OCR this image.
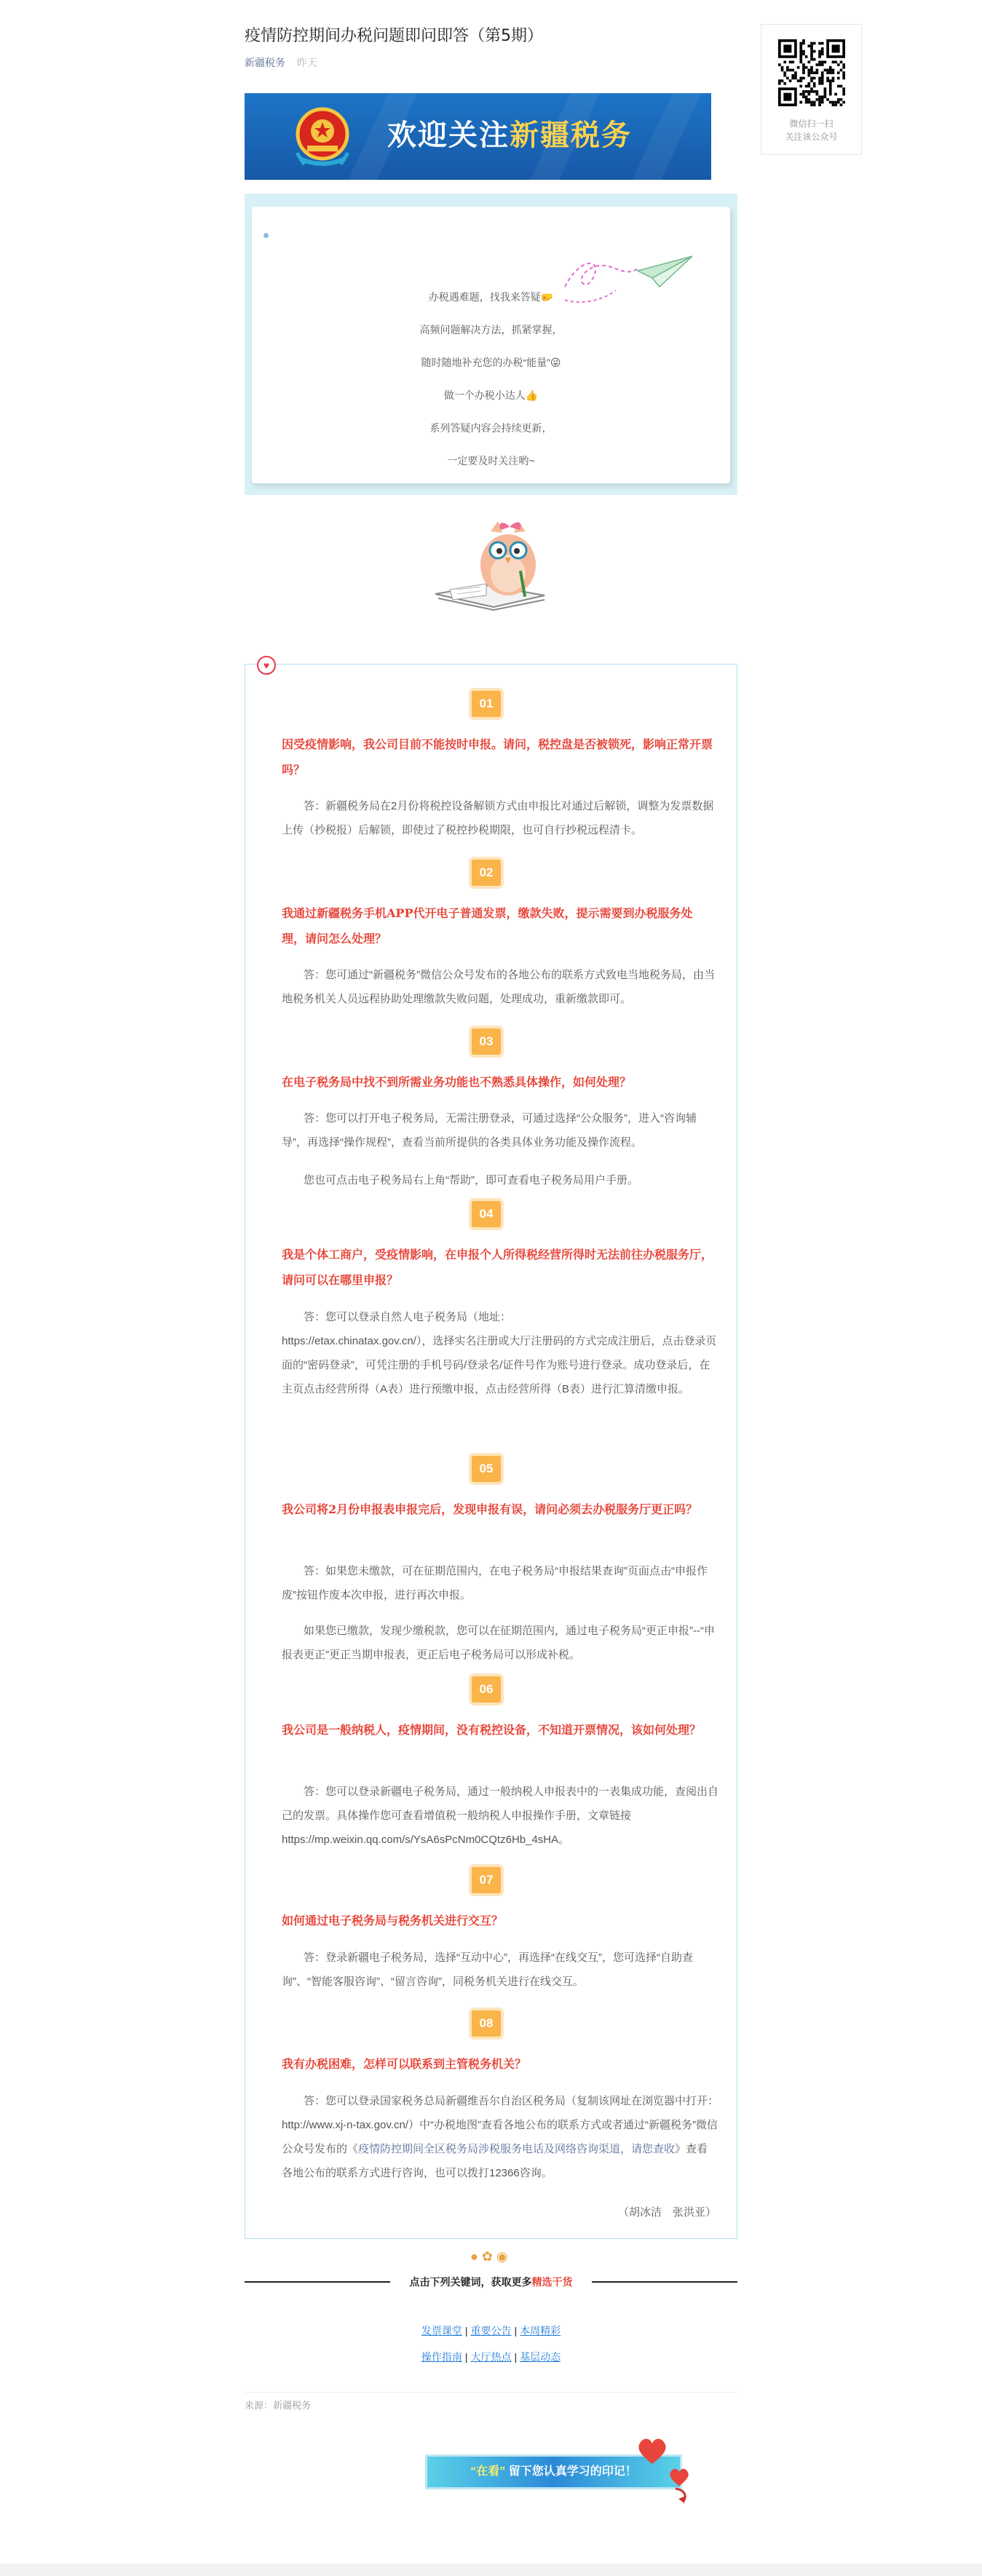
疫情防控期间办税问题即问即答（第5期）
新疆税务 昨天
欢迎关注新疆税务

办税遇难题，找我来答疑🤛

高频问题解决方法，抓紧掌握，

随时随地补充您的办税“能量”😜

做一个办税小达人👍

系列答疑内容会持续更新，

一定要及时关注哟~

♥
01
因受疫情影响，我公司目前不能按时申报。请问，税控盘是否被锁死，影响正常开票吗？
答：新疆税务局在2月份将税控设备解锁方式由申报比对通过后解锁，调整为发票数据上传（抄税报）后解锁，即使过了税控抄税期限，也可自行抄税远程清卡。
02
我通过新疆税务手机APP代开电子普通发票，缴款失败，提示需要到办税服务处理，请问怎么处理？
答：您可通过“新疆税务”微信公众号发布的各地公布的联系方式致电当地税务局，由当地税务机关人员远程协助处理缴款失败问题，处理成功，重新缴款即可。
03
在电子税务局中找不到所需业务功能也不熟悉具体操作，如何处理？
答：您可以打开电子税务局，无需注册登录，可通过选择“公众服务”，进入“咨询辅导”，再选择“操作规程”，查看当前所提供的各类具体业务功能及操作流程。
您也可点击电子税务局右上角“帮助”，即可查看电子税务局用户手册。
04
我是个体工商户，受疫情影响，在申报个人所得税经营所得时无法前往办税服务厅，请问可以在哪里申报？
答：您可以登录自然人电子税务局（地址：
https://etax.chinatax.gov.cn/），选择实名注册或大厅注册码的方式完成注册后，点击登录页面的“密码登录”，可凭注册的手机号码/登录名/证件号作为账号进行登录。成功登录后，在主页点击经营所得（A表）进行预缴申报，点击经营所得（B表）进行汇算清缴申报。
05
我公司将2月份申报表申报完后，发现申报有误，请问必须去办税服务厅更正吗？
答：如果您未缴款，可在征期范围内，在电子税务局“申报结果查询”页面点击“申报作废”按钮作废本次申报，进行再次申报。
如果您已缴款，发现少缴税款，您可以在征期范围内，通过电子税务局“更正申报”--“申报表更正”更正当期申报表，更正后电子税务局可以形成补税。
06
我公司是一般纳税人，疫情期间，没有税控设备，不知道开票情况，该如何处理？
答：您可以登录新疆电子税务局，通过一般纳税人申报表中的一表集成功能，查阅出自己的发票。具体操作您可查看增值税一般纳税人申报操作手册，文章链接
https://mp.weixin.qq.com/s/YsA6sPcNm0CQtz6Hb_4sHA。
07
如何通过电子税务局与税务机关进行交互？
答：登录新疆电子税务局，选择“互动中心”，再选择“在线交互”，您可选择“自助查询”、“智能客服咨询”、“留言咨询”，同税务机关进行在线交互。
08
我有办税困难，怎样可以联系到主管税务机关？
答：您可以登录国家税务总局新疆维吾尔自治区税务局（复制该网址在浏览器中打开：http://www.xj-n-tax.gov.cn/）中“办税地图”查看各地公布的联系方式或者通过“新疆税务”微信公众号发布的《疫情防控期间全区税务局涉税服务电话及网络咨询渠道，请您查收》查看各地公布的联系方式进行咨询，也可以拨打12366咨询。
（胡冰洁　张洪亚）
● ✿ ◉
点击下列关键词，获取更多精选干货
发票课堂 | 重要公告 | 本周精彩
操作指南 | 大厅热点 | 基层动态
来源：新疆税务
“在看” 留下您认真学习的印记！
微信扫一扫
关注该公众号
